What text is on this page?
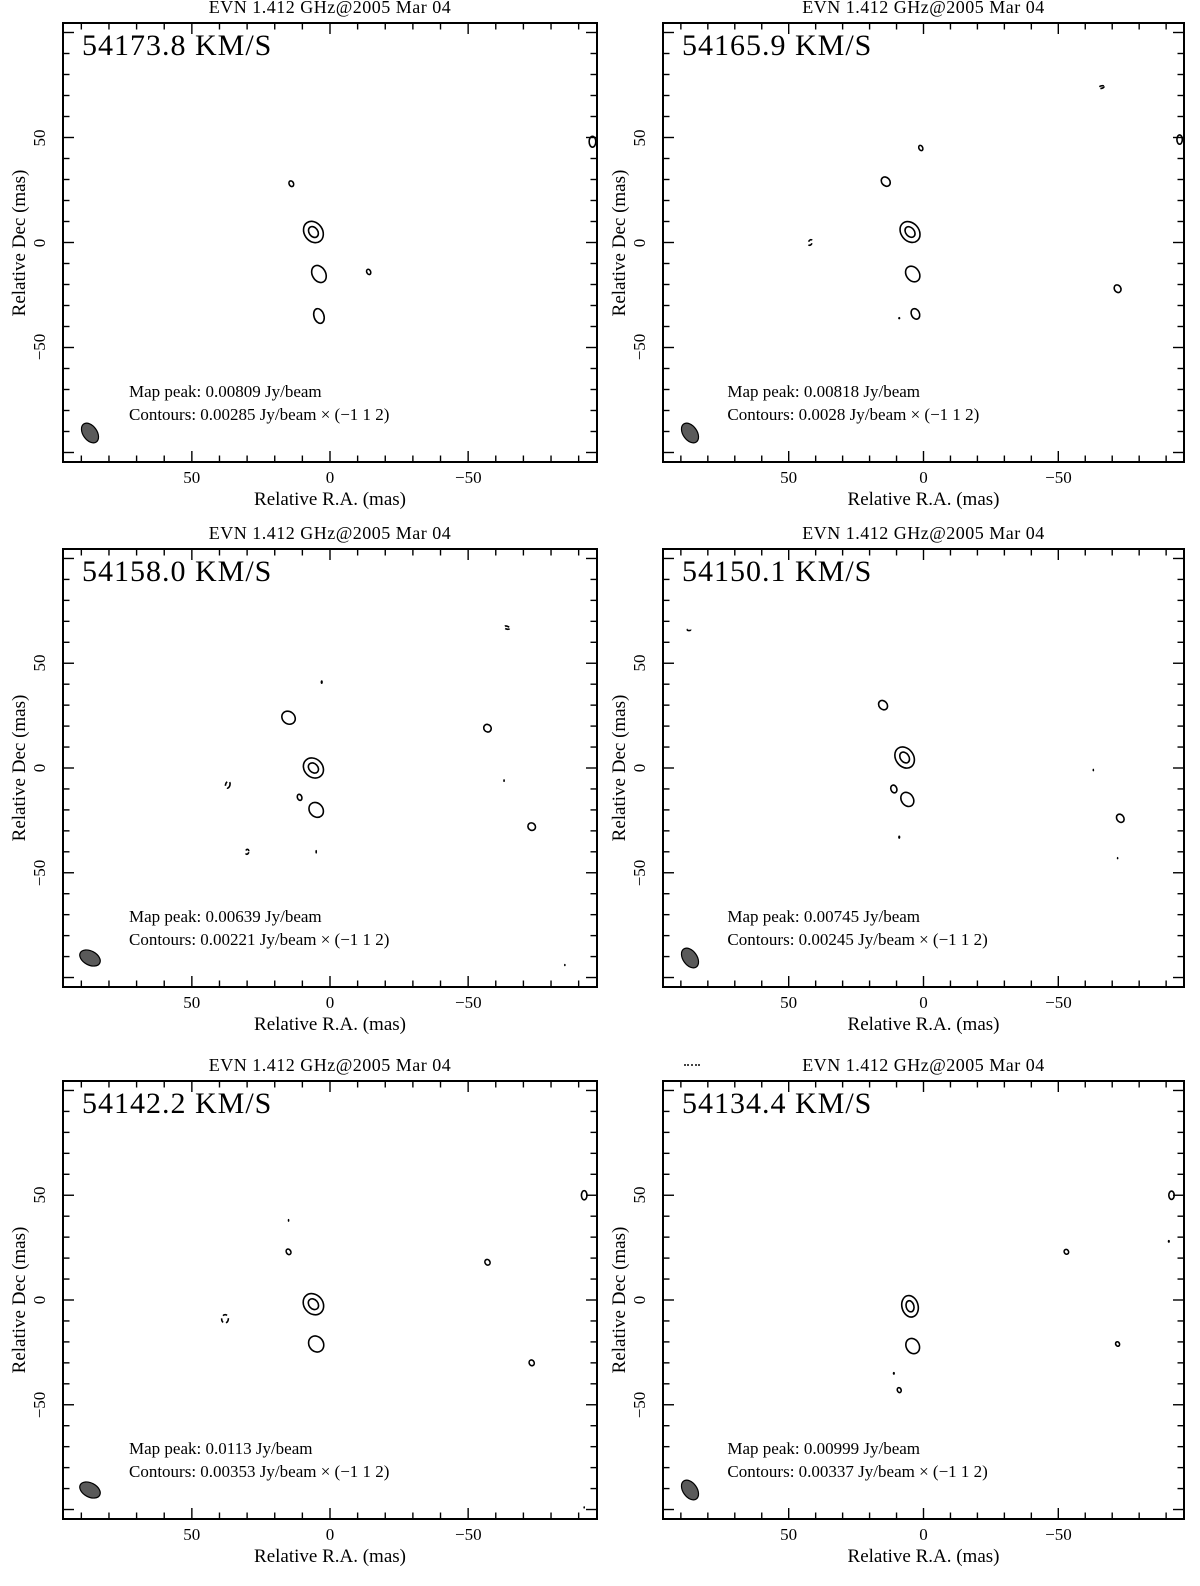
EVN 1.412 GHz@2005 Mar 04
54173.8 KM/S
Map peak: 0.00809 Jy/beam
Contours: 0.00285 Jy/beam × (−1 1 2)
50
0
−50
Relative Dec (mas)
50	0	−50
Relative R.A. (mas)
EVN 1.412 GHz@2005 Mar 04
54165.9 KM/S
Map peak: 0.00818 Jy/beam
Contours: 0.0028 Jy/beam × (−1 1 2)
50
0
−50
Relative Dec (mas)
50	0	−50
Relative R.A. (mas)
EVN 1.412 GHz@2005 Mar 04
54158.0 KM/S
Map peak: 0.00639 Jy/beam
Contours: 0.00221 Jy/beam × (−1 1 2)
50
0
−50
Relative Dec (mas)
50	0	−50
Relative R.A. (mas)
EVN 1.412 GHz@2005 Mar 04
54150.1 KM/S
Map peak: 0.00745 Jy/beam
Contours: 0.00245 Jy/beam × (−1 1 2)
50
0
−50
Relative Dec (mas)
50	0	−50
Relative R.A. (mas)
EVN 1.412 GHz@2005 Mar 04
54142.2 KM/S
Map peak: 0.0113 Jy/beam
Contours: 0.00353 Jy/beam × (−1 1 2)
50
0
−50
Relative Dec (mas)
50	0	−50
Relative R.A. (mas)
EVN 1.412 GHz@2005 Mar 04
54134.4 KM/S
Map peak: 0.00999 Jy/beam
Contours: 0.00337 Jy/beam × (−1 1 2)
50
0
−50
Relative Dec (mas)
50	0	−50
Relative R.A. (mas)
